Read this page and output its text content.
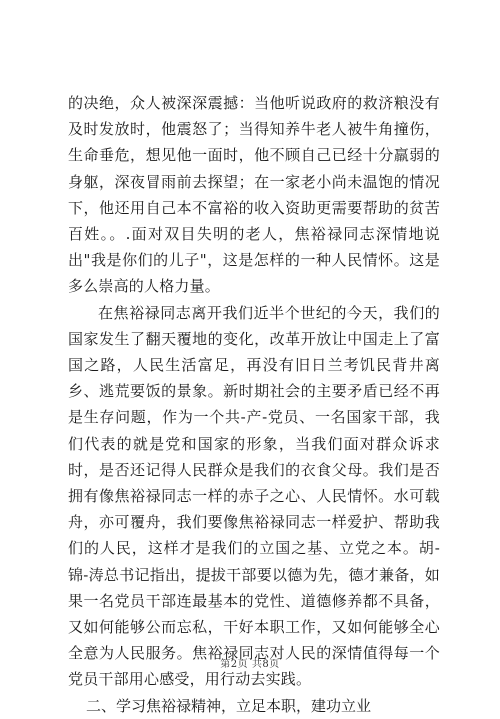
的决绝，众人被深深震撼：当他听说政府的救济粮没有及时发放时，他震怒了；当得知养牛老人被牛角撞伤，生命垂危，想见他一面时，他不顾自己已经十分羸弱的身躯，深夜冒雨前去探望；在一家老小尚未温饱的情况下，他还用自己本不富裕的收入资助更需要帮助的贫苦百姓。。.面对双目失明的老人，焦裕禄同志深情地说出"我是你们的儿子"，这是怎样的一种人民情怀。这是多么崇高的人格力量。

在焦裕禄同志离开我们近半个世纪的今天，我们的国家发生了翻天覆地的变化，改革开放让中国走上了富国之路，人民生活富足，再没有旧日兰考饥民背井离乡、逃荒要饭的景象。新时期社会的主要矛盾已经不再是生存问题，作为一个共-产-党员、一名国家干部，我们代表的就是党和国家的形象，当我们面对群众诉求时，是否还记得人民群众是我们的衣食父母。我们是否拥有像焦裕禄同志一样的赤子之心、人民情怀。水可载舟，亦可覆舟，我们要像焦裕禄同志一样爱护、帮助我们的人民，这样才是我们的立国之基、立党之本。胡-锦-涛总书记指出，提拔干部要以德为先，德才兼备，如果一名党员干部连最基本的党性、道德修养都不具备，又如何能够公而忘私，干好本职工作，又如何能够全心全意为人民服务。焦裕禄同志对人民的深情值得每一个党员干部用心感受，用行动去实践。

二、学习焦裕禄精神，立足本职，建功立业

第2页 共8页
